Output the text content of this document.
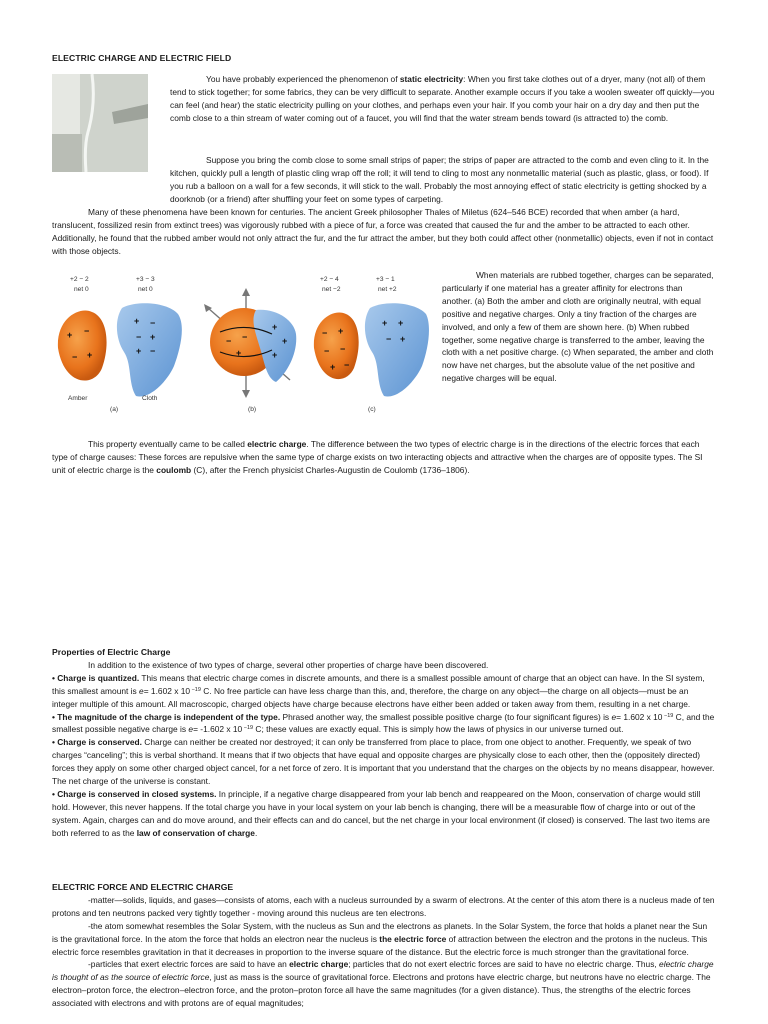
ELECTRIC CHARGE AND ELECTRIC FIELD

You have probably experienced the phenomenon of static electricity: When you first take clothes out of a dryer, many (not all) of them tend to stick together; for some fabrics, they can be very difficult to separate. Another example occurs if you take a woolen sweater off quickly—you can feel (and hear) the static electricity pulling on your clothes, and perhaps even your hair. If you comb your hair on a dry day and then put the comb close to a thin stream of water coming out of a faucet, you will find that the water stream bends toward (is attracted to) the comb.

Suppose you bring the comb close to some small strips of paper; the strips of paper are attracted to the comb and even cling to it. In the kitchen, quickly pull a length of plastic cling wrap off the roll; it will tend to cling to most any nonmetallic material (such as plastic, glass, or food). If you rub a balloon on a wall for a few seconds, it will stick to the wall. Probably the most annoying effect of static electricity is getting shocked by a doorknob (or a friend) after shuffling your feet on some types of carpeting.

Many of these phenomena have been known for centuries. The ancient Greek philosopher Thales of Miletus (624–546 BCE) recorded that when amber (a hard, translucent, fossilized resin from extinct trees) was vigorously rubbed with a piece of fur, a force was created that caused the fur and the amber to be attracted to each other. Additionally, he found that the rubbed amber would not only attract the fur, and the fur attract the amber, but they both could affect other (nonmetallic) objects, even if not in contact with those objects.

+2 − 2
net 0
+3 − 3
net 0
+ −
− +
+ −
− +
+ −
Amber	Cloth
(a)
− −
+
+
+
+
(b)
+2 − 4
net −2
+3 − 1
net +2
− +
− −
+ −
+ +
− +
(c)

When materials are rubbed together, charges can be separated, particularly if one material has a greater affinity for electrons than another. (a) Both the amber and cloth are originally neutral, with equal positive and negative charges. Only a tiny fraction of the charges are involved, and only a few of them are shown here. (b) When rubbed together, some negative charge is transferred to the amber, leaving the cloth with a net positive charge. (c) When separated, the amber and cloth now have net charges, but the absolute value of the net positive and negative charges will be equal.

This property eventually came to be called electric charge. The difference between the two types of electric charge is in the directions of the electric forces that each type of charge causes: These forces are repulsive when the same type of charge exists on two interacting objects and attractive when the charges are of opposite types. The SI unit of electric charge is the coulomb (C), after the French physicist Charles-Augustin de Coulomb (1736–1806).

Properties of Electric Charge

In addition to the existence of two types of charge, several other properties of charge have been discovered.

• Charge is quantized. This means that electric charge comes in discrete amounts, and there is a smallest possible amount of charge that an object can have. In the SI system, this smallest amount is e= 1.602 x 10 $^{-19}$ C. No free particle can have less charge than this, and, therefore, the charge on any object—the charge on all objects—must be an integer multiple of this amount. All macroscopic, charged objects have charge because electrons have either been added or taken away from them, resulting in a net charge.

• The magnitude of the charge is independent of the type. Phrased another way, the smallest possible positive charge (to four significant figures) is e= 1.602 x 10 $^{-19}$ C, and the smallest possible negative charge is e= -1.602 x 10 $^{-19}$ C; these values are exactly equal. This is simply how the laws of physics in our universe turned out.

• Charge is conserved. Charge can neither be created nor destroyed; it can only be transferred from place to place, from one object to another. Frequently, we speak of two charges “canceling”; this is verbal shorthand. It means that if two objects that have equal and opposite charges are physically close to each other, then the (oppositely directed) forces they apply on some other charged object cancel, for a net force of zero. It is important that you understand that the charges on the objects by no means disappear, however. The net charge of the universe is constant.

• Charge is conserved in closed systems. In principle, if a negative charge disappeared from your lab bench and reappeared on the Moon, conservation of charge would still hold. However, this never happens. If the total charge you have in your local system on your lab bench is changing, there will be a measurable flow of charge into or out of the system. Again, charges can and do move around, and their effects can and do cancel, but the net charge in your local environment (if closed) is conserved. The last two items are both referred to as the law of conservation of charge.

ELECTRIC FORCE AND ELECTRIC CHARGE

-matter—solids, liquids, and gases—consists of atoms, each with a nucleus surrounded by a swarm of electrons. At the center of this atom there is a nucleus made of ten protons and ten neutrons packed very tightly together - moving around this nucleus are ten electrons.

-the atom somewhat resembles the Solar System, with the nucleus as Sun and the electrons as planets. In the Solar System, the force that holds a planet near the Sun is the gravitational force. In the atom the force that holds an electron near the nucleus is the electric force of attraction between the electron and the protons in the nucleus. This electric force resembles gravitation in that it decreases in proportion to the inverse square of the distance. But the electric force is much stronger than the gravitational force.

-particles that exert electric forces are said to have an electric charge; particles that do not exert electric forces are said to have no electric charge. Thus, electric charge is thought of as the source of electric force, just as mass is the source of gravitational force. Electrons and protons have electric charge, but neutrons have no electric charge. The electron–proton force, the electron–electron force, and the proton–proton force all have the same magnitudes (for a given distance). Thus, the strengths of the electric forces associated with electrons and with protons are of equal magnitudes;
